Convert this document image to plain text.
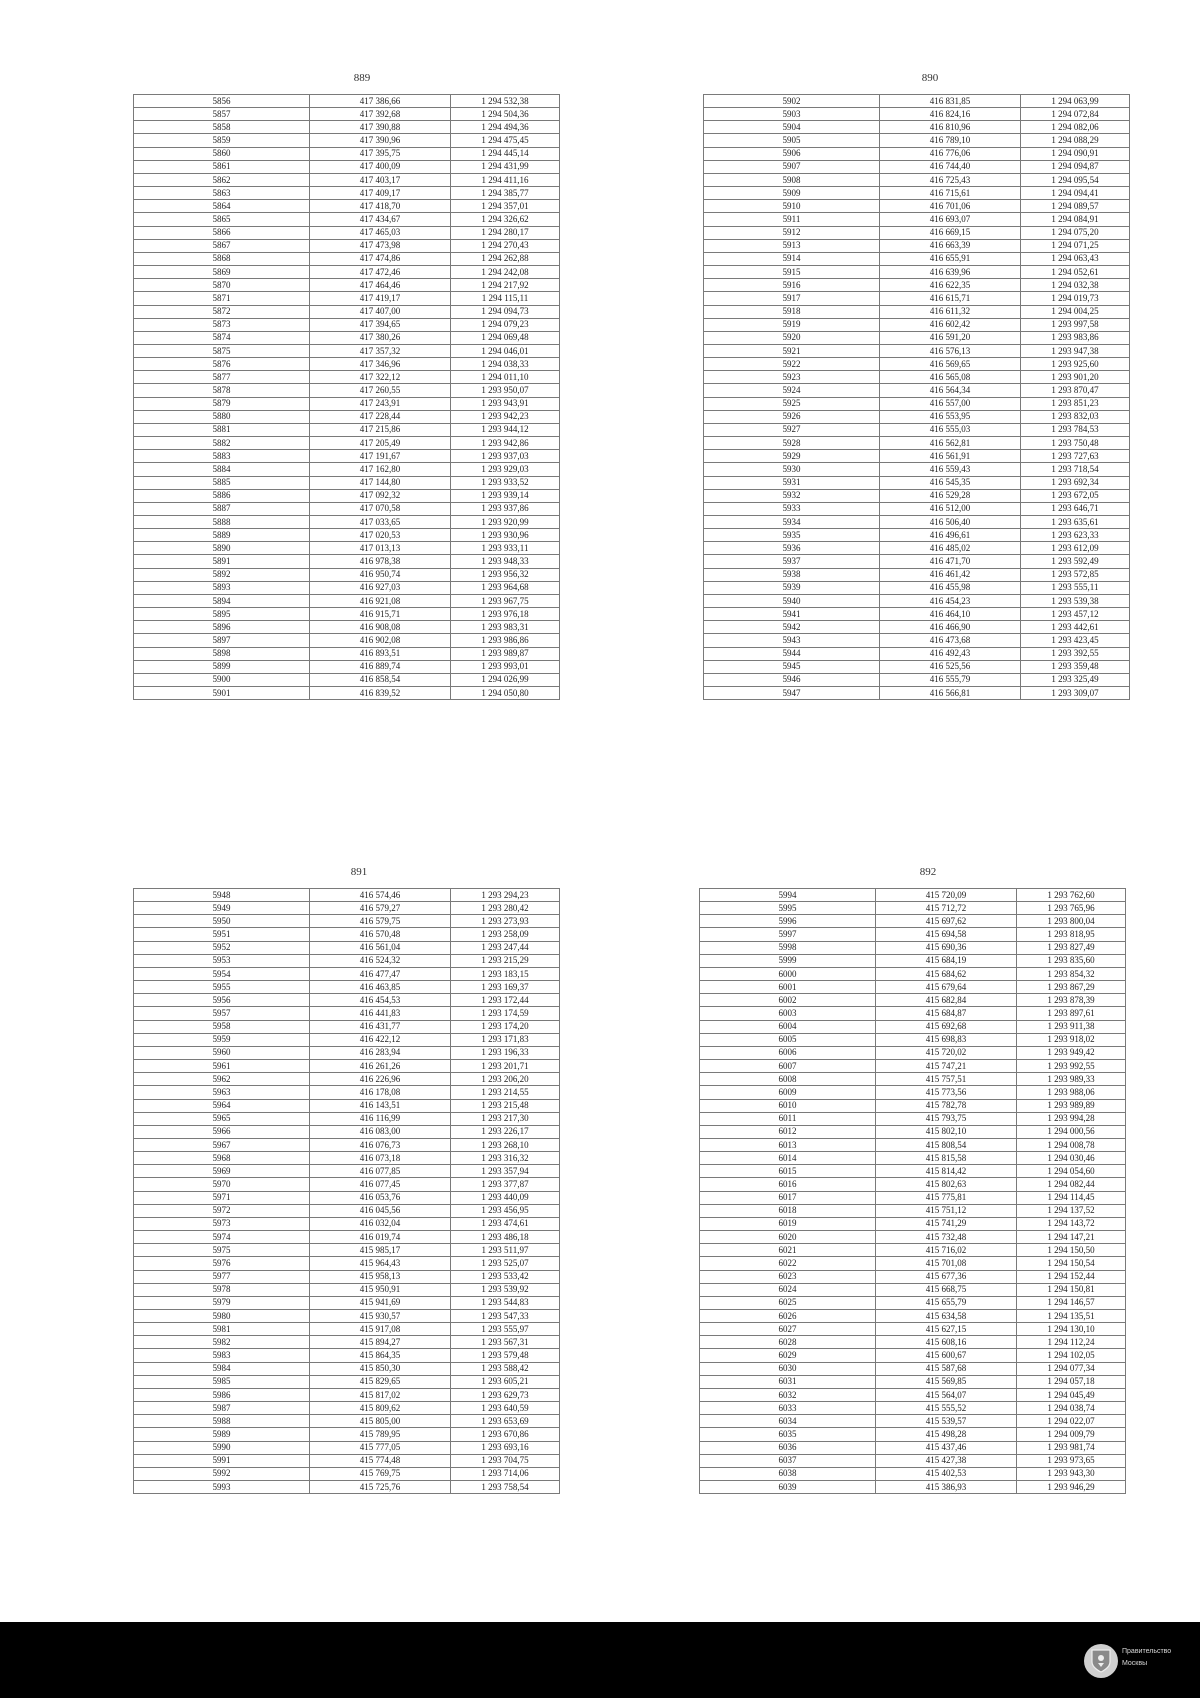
889
5856	417 386,66	1 294 532,38
5857	417 392,68	1 294 504,36
5858	417 390,88	1 294 494,36
5859	417 390,96	1 294 475,45
5860	417 395,75	1 294 445,14
5861	417 400,09	1 294 431,99
5862	417 403,17	1 294 411,16
5863	417 409,17	1 294 385,77
5864	417 418,70	1 294 357,01
5865	417 434,67	1 294 326,62
5866	417 465,03	1 294 280,17
5867	417 473,98	1 294 270,43
5868	417 474,86	1 294 262,88
5869	417 472,46	1 294 242,08
5870	417 464,46	1 294 217,92
5871	417 419,17	1 294 115,11
5872	417 407,00	1 294 094,73
5873	417 394,65	1 294 079,23
5874	417 380,26	1 294 069,48
5875	417 357,32	1 294 046,01
5876	417 346,96	1 294 038,33
5877	417 322,12	1 294 011,10
5878	417 260,55	1 293 950,07
5879	417 243,91	1 293 943,91
5880	417 228,44	1 293 942,23
5881	417 215,86	1 293 944,12
5882	417 205,49	1 293 942,86
5883	417 191,67	1 293 937,03
5884	417 162,80	1 293 929,03
5885	417 144,80	1 293 933,52
5886	417 092,32	1 293 939,14
5887	417 070,58	1 293 937,86
5888	417 033,65	1 293 920,99
5889	417 020,53	1 293 930,96
5890	417 013,13	1 293 933,11
5891	416 978,38	1 293 948,33
5892	416 950,74	1 293 956,32
5893	416 927,03	1 293 964,68
5894	416 921,08	1 293 967,75
5895	416 915,71	1 293 976,18
5896	416 908,08	1 293 983,31
5897	416 902,08	1 293 986,86
5898	416 893,51	1 293 989,87
5899	416 889,74	1 293 993,01
5900	416 858,54	1 294 026,99
5901	416 839,52	1 294 050,80
890
5902	416 831,85	1 294 063,99
5903	416 824,16	1 294 072,84
5904	416 810,96	1 294 082,06
5905	416 789,10	1 294 088,29
5906	416 776,06	1 294 090,91
5907	416 744,40	1 294 094,87
5908	416 725,43	1 294 095,54
5909	416 715,61	1 294 094,41
5910	416 701,06	1 294 089,57
5911	416 693,07	1 294 084,91
5912	416 669,15	1 294 075,20
5913	416 663,39	1 294 071,25
5914	416 655,91	1 294 063,43
5915	416 639,96	1 294 052,61
5916	416 622,35	1 294 032,38
5917	416 615,71	1 294 019,73
5918	416 611,32	1 294 004,25
5919	416 602,42	1 293 997,58
5920	416 591,20	1 293 983,86
5921	416 576,13	1 293 947,38
5922	416 569,65	1 293 925,60
5923	416 565,08	1 293 901,20
5924	416 564,34	1 293 870,47
5925	416 557,00	1 293 851,23
5926	416 553,95	1 293 832,03
5927	416 555,03	1 293 784,53
5928	416 562,81	1 293 750,48
5929	416 561,91	1 293 727,63
5930	416 559,43	1 293 718,54
5931	416 545,35	1 293 692,34
5932	416 529,28	1 293 672,05
5933	416 512,00	1 293 646,71
5934	416 506,40	1 293 635,61
5935	416 496,61	1 293 623,33
5936	416 485,02	1 293 612,09
5937	416 471,70	1 293 592,49
5938	416 461,42	1 293 572,85
5939	416 455,98	1 293 555,11
5940	416 454,23	1 293 539,38
5941	416 464,10	1 293 457,12
5942	416 466,90	1 293 442,61
5943	416 473,68	1 293 423,45
5944	416 492,43	1 293 392,55
5945	416 525,56	1 293 359,48
5946	416 555,79	1 293 325,49
5947	416 566,81	1 293 309,07
891
5948	416 574,46	1 293 294,23
5949	416 579,27	1 293 280,42
5950	416 579,75	1 293 273,93
5951	416 570,48	1 293 258,09
5952	416 561,04	1 293 247,44
5953	416 524,32	1 293 215,29
5954	416 477,47	1 293 183,15
5955	416 463,85	1 293 169,37
5956	416 454,53	1 293 172,44
5957	416 441,83	1 293 174,59
5958	416 431,77	1 293 174,20
5959	416 422,12	1 293 171,83
5960	416 283,94	1 293 196,33
5961	416 261,26	1 293 201,71
5962	416 226,96	1 293 206,20
5963	416 178,08	1 293 214,55
5964	416 143,51	1 293 215,48
5965	416 116,99	1 293 217,30
5966	416 083,00	1 293 226,17
5967	416 076,73	1 293 268,10
5968	416 073,18	1 293 316,32
5969	416 077,85	1 293 357,94
5970	416 077,45	1 293 377,87
5971	416 053,76	1 293 440,09
5972	416 045,56	1 293 456,95
5973	416 032,04	1 293 474,61
5974	416 019,74	1 293 486,18
5975	415 985,17	1 293 511,97
5976	415 964,43	1 293 525,07
5977	415 958,13	1 293 533,42
5978	415 950,91	1 293 539,92
5979	415 941,69	1 293 544,83
5980	415 930,57	1 293 547,33
5981	415 917,08	1 293 555,97
5982	415 894,27	1 293 567,31
5983	415 864,35	1 293 579,48
5984	415 850,30	1 293 588,42
5985	415 829,65	1 293 605,21
5986	415 817,02	1 293 629,73
5987	415 809,62	1 293 640,59
5988	415 805,00	1 293 653,69
5989	415 789,95	1 293 670,86
5990	415 777,05	1 293 693,16
5991	415 774,48	1 293 704,75
5992	415 769,75	1 293 714,06
5993	415 725,76	1 293 758,54
892
5994	415 720,09	1 293 762,60
5995	415 712,72	1 293 765,96
5996	415 697,62	1 293 800,04
5997	415 694,58	1 293 818,95
5998	415 690,36	1 293 827,49
5999	415 684,19	1 293 835,60
6000	415 684,62	1 293 854,32
6001	415 679,64	1 293 867,29
6002	415 682,84	1 293 878,39
6003	415 684,87	1 293 897,61
6004	415 692,68	1 293 911,38
6005	415 698,83	1 293 918,02
6006	415 720,02	1 293 949,42
6007	415 747,21	1 293 992,55
6008	415 757,51	1 293 989,33
6009	415 773,56	1 293 988,06
6010	415 782,78	1 293 989,89
6011	415 793,75	1 293 994,28
6012	415 802,10	1 294 000,56
6013	415 808,54	1 294 008,78
6014	415 815,58	1 294 030,46
6015	415 814,42	1 294 054,60
6016	415 802,63	1 294 082,44
6017	415 775,81	1 294 114,45
6018	415 751,12	1 294 137,52
6019	415 741,29	1 294 143,72
6020	415 732,48	1 294 147,21
6021	415 716,02	1 294 150,50
6022	415 701,08	1 294 150,54
6023	415 677,36	1 294 152,44
6024	415 668,75	1 294 150,81
6025	415 655,79	1 294 146,57
6026	415 634,58	1 294 135,51
6027	415 627,15	1 294 130,10
6028	415 608,16	1 294 112,24
6029	415 600,67	1 294 102,05
6030	415 587,68	1 294 077,34
6031	415 569,85	1 294 057,18
6032	415 564,07	1 294 045,49
6033	415 555,52	1 294 038,74
6034	415 539,57	1 294 022,07
6035	415 498,28	1 294 009,79
6036	415 437,46	1 293 981,74
6037	415 427,38	1 293 973,65
6038	415 402,53	1 293 943,30
6039	415 386,93	1 293 946,29
Правительство
Москвы
